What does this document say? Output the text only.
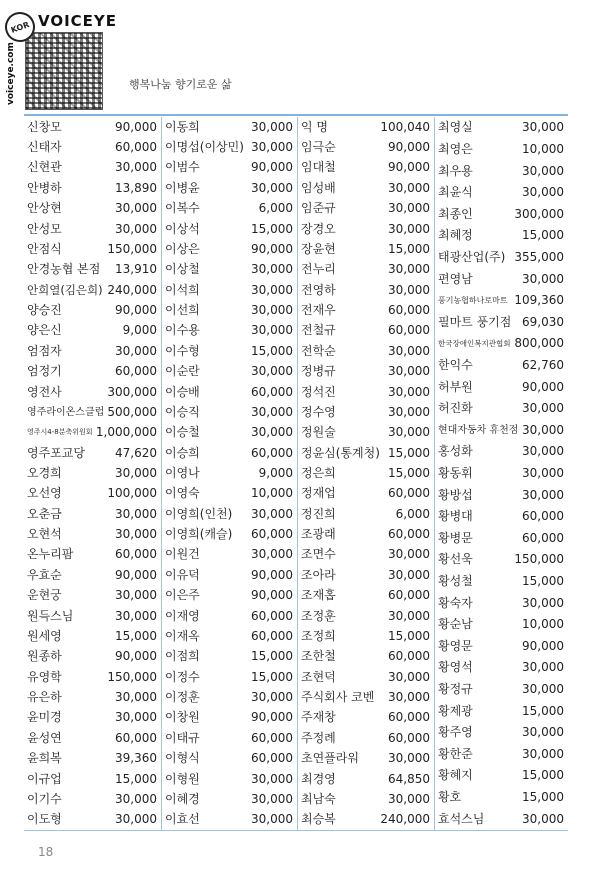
KOR VOICEYE
voiceye.com	행복나눔 향기로운 삶
신창모	90,000
신태자	60,000
신현관	30,000
안병하	13,890
안상현	30,000
안성모	30,000
안점식	150,000
안경농협 본점 13,910
안희열(김은희) 240,000
양승진	90,000
양은신	9,000
엄점자	30,000
엄정기	60,000
영전사	300,000
영주라이온스클럽 500,000
영주시4-8분축위원회 1,000,000
영주포교당	47,620
오경희	30,000
오선영	100,000
오춘금	30,000
오현석	30,000
온누리팜	60,000
우효순	90,000
운현궁	30,000
원득스님	30,000
원세영	15,000
원종하	90,000
유영학	150,000
유은하	30,000
윤미경	30,000
윤성연	60,000
윤희복	39,360
이규업	15,000
이기수	30,000
이도형	30,000
이동희	30,000
이명섭(이상민) 30,000
이범수	90,000
이병윤	30,000
이복수	6,000
이상석	15,000
이상은	90,000
이상철	30,000
이석희	30,000
이선희	30,000
이수용	30,000
이수형	15,000
이순란	30,000
이승배	60,000
이승직	30,000
이승철	30,000
이승희	60,000
이영나	9,000
이영숙	10,000
이영희(인천) 30,000
이영희(캐슬) 60,000
이원건	30,000
이유덕	90,000
이은주	90,000
이재영	60,000
이재옥	60,000
이점희	15,000
이정수	15,000
이정훈	30,000
이창원	90,000
이태규	60,000
이형식	60,000
이형원	30,000
이혜경	30,000
이효선	30,000
익 명	100,040
임극순	90,000
임대철	90,000
임성배	30,000
임준규	30,000
장경오	30,000
장윤현	15,000
전누리	30,000
전영하	30,000
전재우	60,000
전철규	60,000
전학순	30,000
정병규	30,000
정석진	30,000
정수영	30,000
정원술	30,000
정윤심(통계청) 15,000
정은희	15,000
정재업	60,000
정진희	6,000
조광래	60,000
조면수	30,000
조아라	30,000
조재홉	60,000
조정훈	30,000
조정희	15,000
조한철	60,000
조현덕	30,000
주식회사 코벤 30,000
주재창	60,000
주정례	60,000
초연플라워 30,000
최경영	64,850
최남숙	30,000
최승복	240,000
최영실	30,000
최영은	10,000
최우용	30,000
최윤식	30,000
최종인	300,000
최혜정	15,000
태광산업(주) 355,000
편영남	30,000
풍기농협하나로마트 109,360
필마트 풍기점 69,030
한국장애인복지관협회 800,000
한익수	62,760
허부원	90,000
허진화	30,000
현대자동차 휴천점 30,000
홍성화	30,000
황동휘	30,000
황방섭	30,000
황병대	60,000
황병문	60,000
황선욱	150,000
황성철	15,000
황숙자	30,000
황순남	10,000
황영문	90,000
황영석	30,000
황정규	30,000
황제광	15,000
황주영	30,000
황한준	30,000
황혜지	15,000
황호	15,000
효석스님	30,000
18
